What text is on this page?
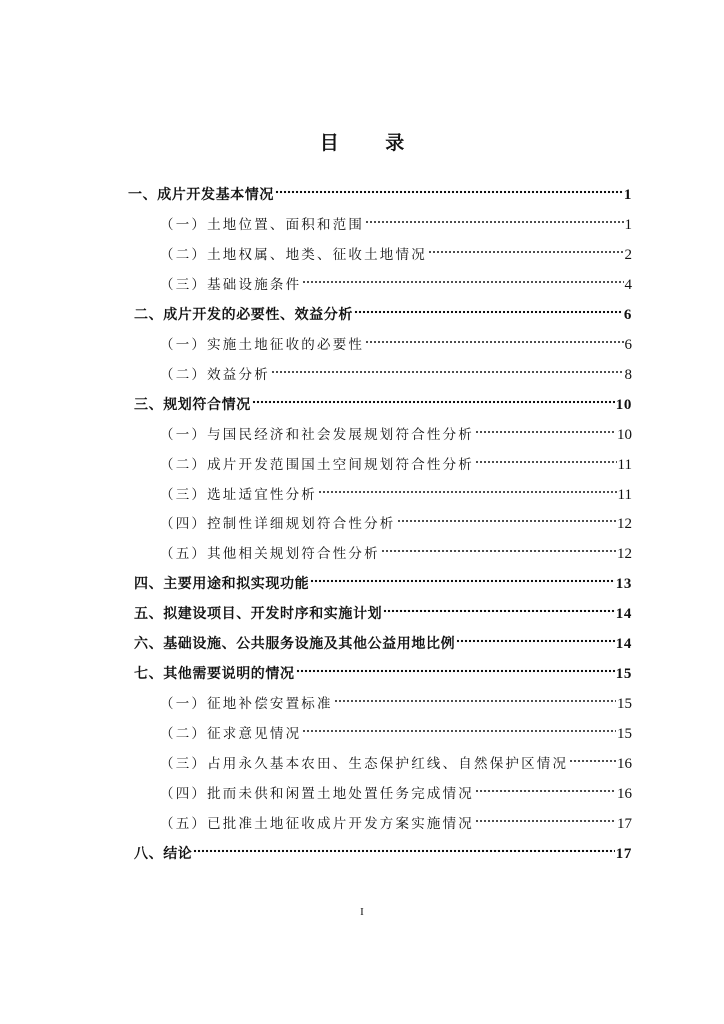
目 录
一、成片开发基本情况	1
（一）土地位置、面积和范围	1
（二）土地权属、地类、征收土地情况	2
（三）基础设施条件	4
二、成片开发的必要性、效益分析	6
（一）实施土地征收的必要性	6
（二）效益分析	8
三、规划符合情况	10
（一）与国民经济和社会发展规划符合性分析	10
（二）成片开发范围国土空间规划符合性分析	11
（三）选址适宜性分析	11
（四）控制性详细规划符合性分析	12
（五）其他相关规划符合性分析	12
四、主要用途和拟实现功能	13
五、拟建设项目、开发时序和实施计划	14
六、基础设施、公共服务设施及其他公益用地比例	14
七、其他需要说明的情况	15
（一）征地补偿安置标准	15
（二）征求意见情况	15
（三）占用永久基本农田、生态保护红线、自然保护区情况	16
（四）批而未供和闲置土地处置任务完成情况	16
（五）已批准土地征收成片开发方案实施情况	17
八、结论	17
I
